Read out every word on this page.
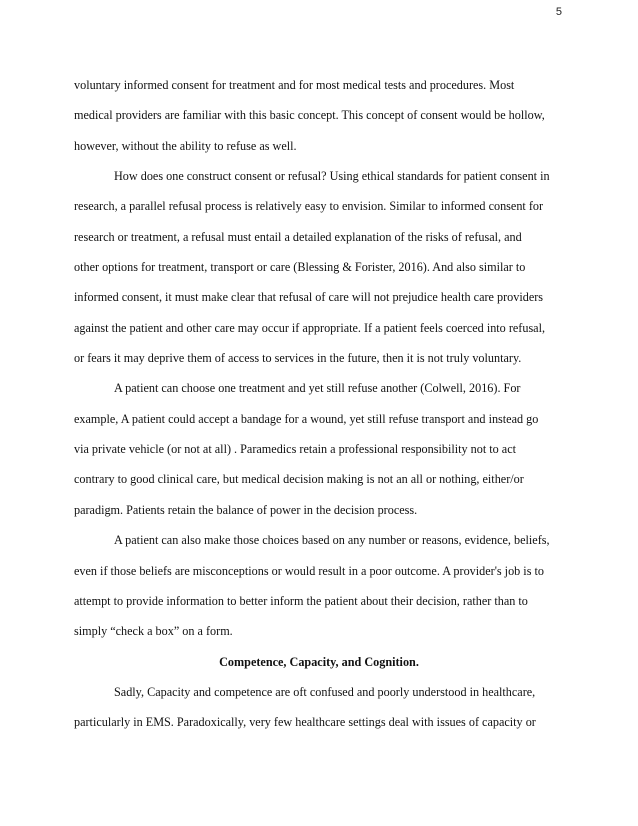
5
voluntary informed consent for treatment and for most medical tests and procedures. Most
medical providers are familiar with this basic concept. This concept of consent would be hollow,
however, without the ability to refuse as well.
How does one construct consent or refusal? Using ethical standards for patient consent in
research, a parallel refusal process is relatively easy to envision. Similar to informed consent for
research or treatment, a refusal must entail a detailed explanation of the risks of refusal, and
other options for treatment, transport or care (Blessing & Forister, 2016). And also similar to
informed consent, it must make clear that refusal of care will not prejudice health care providers
against the patient and other care may occur if appropriate. If a patient feels coerced into refusal,
or fears it may deprive them of access to services in the future, then it is not truly voluntary.
A patient can choose one treatment and yet still refuse another (Colwell, 2016). For
example, A patient could accept a bandage for a wound, yet still refuse transport and instead go
via private vehicle (or not at all) . Paramedics retain a professional responsibility not to act
contrary to good clinical care, but medical decision making is not an all or nothing, either/or
paradigm. Patients retain the balance of power in the decision process.
A patient can also make those choices based on any number or reasons, evidence, beliefs,
even if those beliefs are misconceptions or would result in a poor outcome. A provider's job is to
attempt to provide information to better inform the patient about their decision, rather than to
simply “check a box” on a form.
Competence, Capacity, and Cognition.
Sadly, Capacity and competence are oft confused and poorly understood in healthcare,
particularly in EMS. Paradoxically, very few healthcare settings deal with issues of capacity or
